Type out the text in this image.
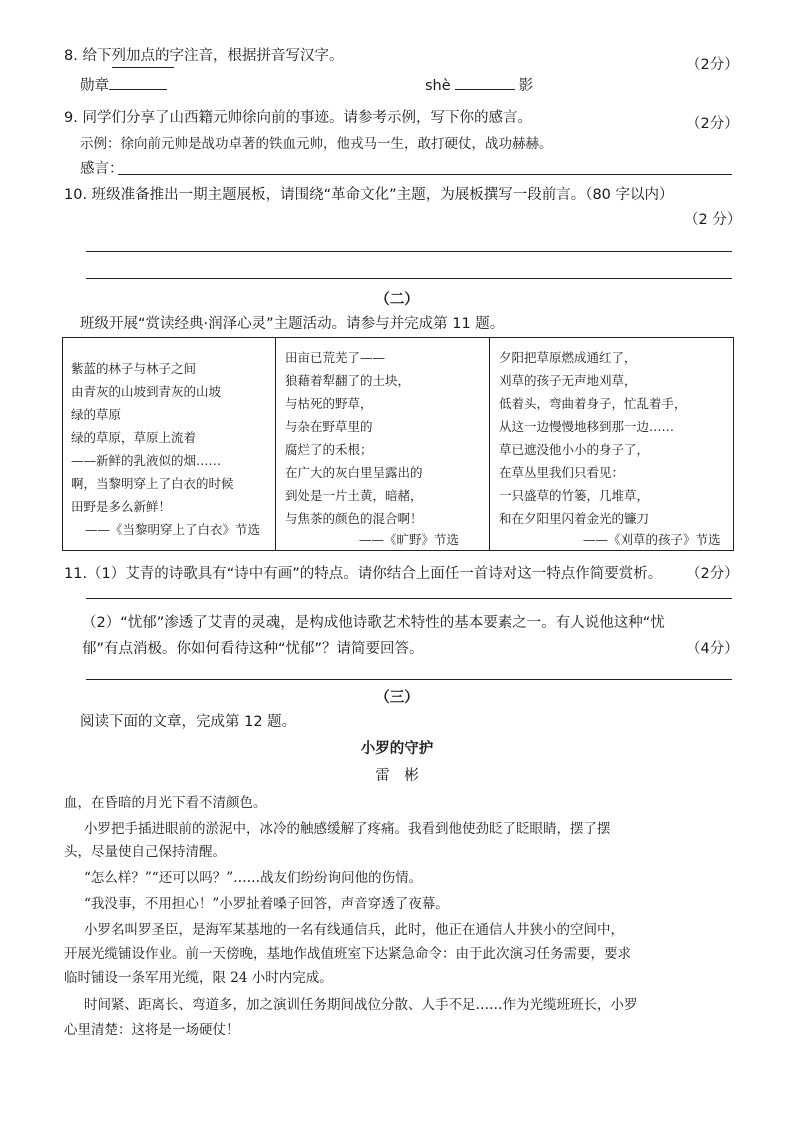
8. 给下列加点的字注音，根据拼音写汉字。
（2分）
勋章	shè	影
9. 同学们分享了山西籍元帅徐向前的事迹。请参考示例，写下你的感言。	（2分）
示例：徐向前元帅是战功卓著的铁血元帅，他戎马一生，敢打硬仗，战功赫赫。
感言：
10. 班级准备推出一期主题展板，请围绕“革命文化”主题，为展板撰写一段前言。（80 字以内）
（2 分）
（二）
班级开展“赏读经典·润泽心灵”主题活动。请参与并完成第 11 题。
紫蓝的林子与林子之间
由青灰的山坡到青灰的山坡
绿的草原
绿的草原，草原上流着
——新鲜的乳液似的烟……
啊，当黎明穿上了白衣的时候
田野是多么新鲜！
——《当黎明穿上了白衣》节选
田亩已荒芜了——
狼藉着犁翻了的土块，
与枯死的野草，
与杂在野草里的
腐烂了的禾根；
在广大的灰白里呈露出的
到处是一片土黄，暗赭，
与焦茶的颜色的混合啊！
——《旷野》节选
夕阳把草原燃成通红了，
刈草的孩子无声地刈草，
低着头，弯曲着身子，忙乱着手，
从这一边慢慢地移到那一边……
草已遮没他小小的身子了，
在草丛里我们只看见：
一只盛草的竹篓，几堆草，
和在夕阳里闪着金光的镰刀
——《刈草的孩子》节选
11.（1）艾青的诗歌具有“诗中有画”的特点。请你结合上面任一首诗对这一特点作简要赏析。 （2分）
（2）“忧郁”渗透了艾青的灵魂，是构成他诗歌艺术特性的基本要素之一。有人说他这种“忧
郁”有点消极。你如何看待这种“忧郁”？请简要回答。	（4分）
（三）
阅读下面的文章，完成第 12 题。
小罗的守护
雷　彬
血，在昏暗的月光下看不清颜色。
小罗把手插进眼前的淤泥中，冰冷的触感缓解了疼痛。我看到他使劲眨了眨眼睛，摆了摆
头，尽量使自己保持清醒。
“怎么样？”“还可以吗？”……战友们纷纷询问他的伤情。
“我没事，不用担心！”小罗扯着嗓子回答，声音穿透了夜幕。
小罗名叫罗圣臣，是海军某基地的一名有线通信兵，此时，他正在通信人井狭小的空间中，
开展光缆铺设作业。前一天傍晚，基地作战值班室下达紧急命令：由于此次演习任务需要，要求
临时铺设一条军用光缆，限 24 小时内完成。
时间紧、距离长、弯道多，加之演训任务期间战位分散、人手不足……作为光缆班班长，小罗
心里清楚：这将是一场硬仗！
